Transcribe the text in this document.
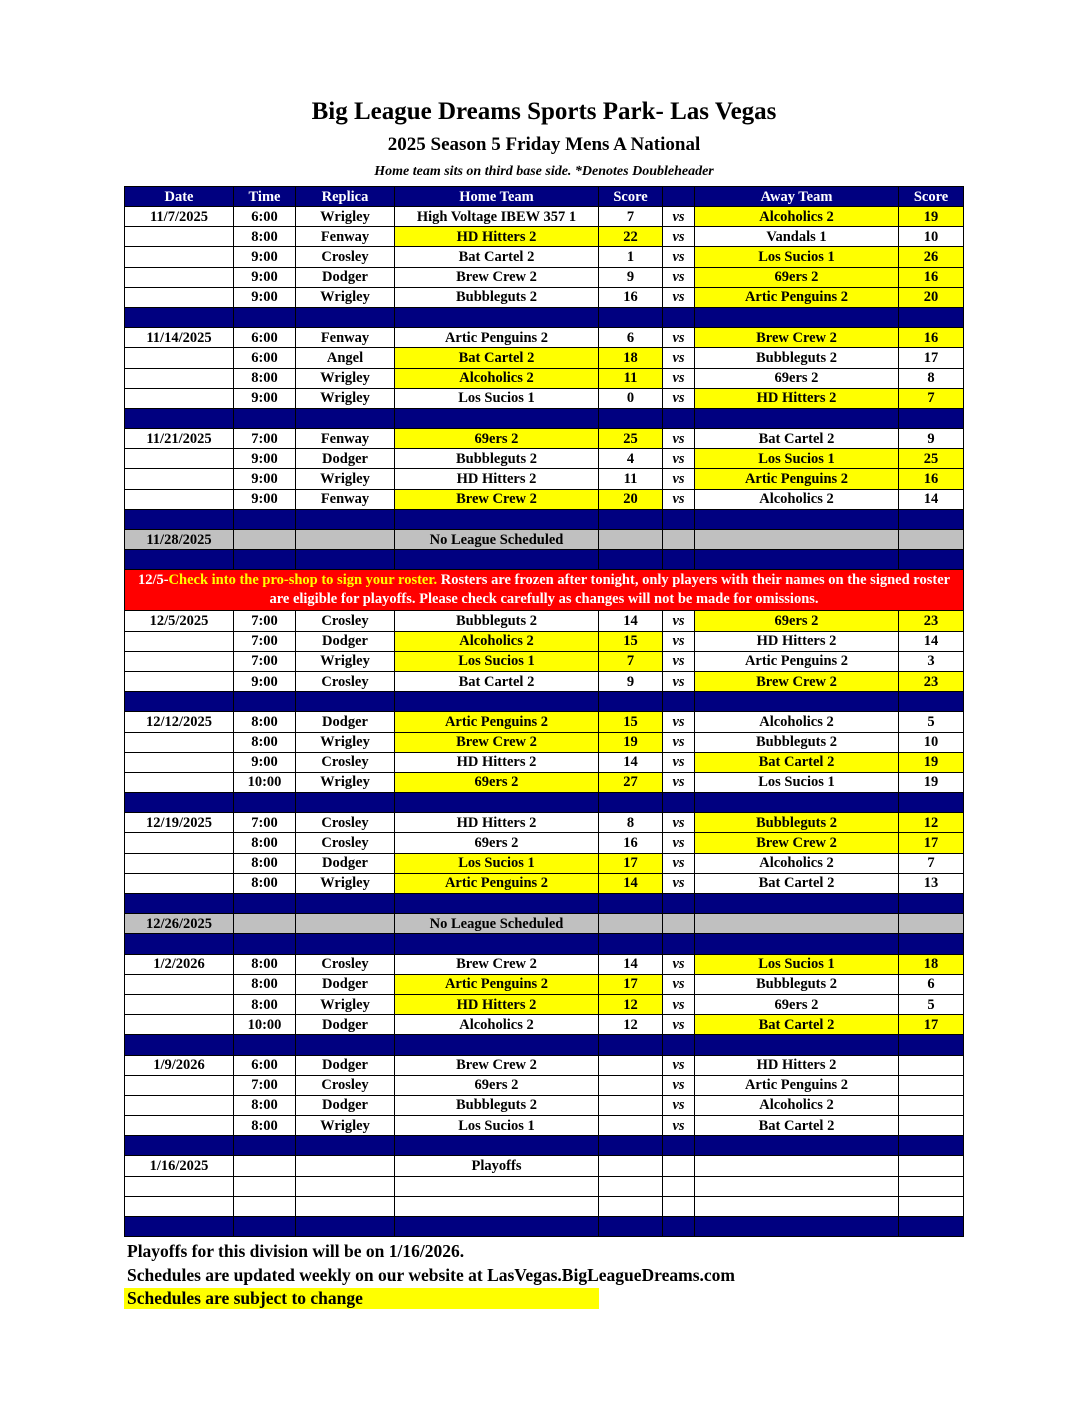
Big League Dreams Sports Park- Las Vegas
2025 Season 5 Friday Mens A National
Home team sits on third base side. *Denotes Doubleheader
Date	Time	Replica	Home Team	Score		Away Team	Score
11/7/2025	6:00	Wrigley	High Voltage IBEW 357 1	7	vs	Alcoholics 2	19
	8:00	Fenway	HD Hitters 2	22	vs	Vandals 1	10
	9:00	Crosley	Bat Cartel 2	1	vs	Los Sucios 1	26
	9:00	Dodger	Brew Crew 2	9	vs	69ers 2	16
	9:00	Wrigley	Bubbleguts 2	16	vs	Artic Penguins 2	20

11/14/2025	6:00	Fenway	Artic Penguins 2	6	vs	Brew Crew 2	16
	6:00	Angel	Bat Cartel 2	18	vs	Bubbleguts 2	17
	8:00	Wrigley	Alcoholics 2	11	vs	69ers 2	8
	9:00	Wrigley	Los Sucios 1	0	vs	HD Hitters 2	7

11/21/2025	7:00	Fenway	69ers 2	25	vs	Bat Cartel 2	9
	9:00	Dodger	Bubbleguts 2	4	vs	Los Sucios 1	25
	9:00	Wrigley	HD Hitters 2	11	vs	Artic Penguins 2	16
	9:00	Fenway	Brew Crew 2	20	vs	Alcoholics 2	14

11/28/2025			No League Scheduled				

12/5-Check into the pro-shop to sign your roster. Rosters are frozen after tonight, only players with their names on the signed roster are eligible for playoffs. Please check carefully as changes will not be made for omissions.							
12/5/2025	7:00	Crosley	Bubbleguts 2	14	vs	69ers 2	23
	7:00	Dodger	Alcoholics 2	15	vs	HD Hitters 2	14
	7:00	Wrigley	Los Sucios 1	7	vs	Artic Penguins 2	3
	9:00	Crosley	Bat Cartel 2	9	vs	Brew Crew 2	23

12/12/2025	8:00	Dodger	Artic Penguins 2	15	vs	Alcoholics 2	5
	8:00	Wrigley	Brew Crew 2	19	vs	Bubbleguts 2	10
	9:00	Crosley	HD Hitters 2	14	vs	Bat Cartel 2	19
	10:00	Wrigley	69ers 2	27	vs	Los Sucios 1	19

12/19/2025	7:00	Crosley	HD Hitters 2	8	vs	Bubbleguts 2	12
	8:00	Crosley	69ers 2	16	vs	Brew Crew 2	17
	8:00	Dodger	Los Sucios 1	17	vs	Alcoholics 2	7
	8:00	Wrigley	Artic Penguins 2	14	vs	Bat Cartel 2	13

12/26/2025			No League Scheduled				

1/2/2026	8:00	Crosley	Brew Crew 2	14	vs	Los Sucios 1	18
	8:00	Dodger	Artic Penguins 2	17	vs	Bubbleguts 2	6
	8:00	Wrigley	HD Hitters 2	12	vs	69ers 2	5
	10:00	Dodger	Alcoholics 2	12	vs	Bat Cartel 2	17

1/9/2026	6:00	Dodger	Brew Crew 2		vs	HD Hitters 2	
	7:00	Crosley	69ers 2		vs	Artic Penguins 2	
	8:00	Dodger	Bubbleguts 2		vs	Alcoholics 2	
	8:00	Wrigley	Los Sucios 1		vs	Bat Cartel 2	

1/16/2025			Playoffs				

Playoffs for this division will be on 1/16/2026.
Schedules are updated weekly on our website at LasVegas.BigLeagueDreams.com
Schedules are subject to change
